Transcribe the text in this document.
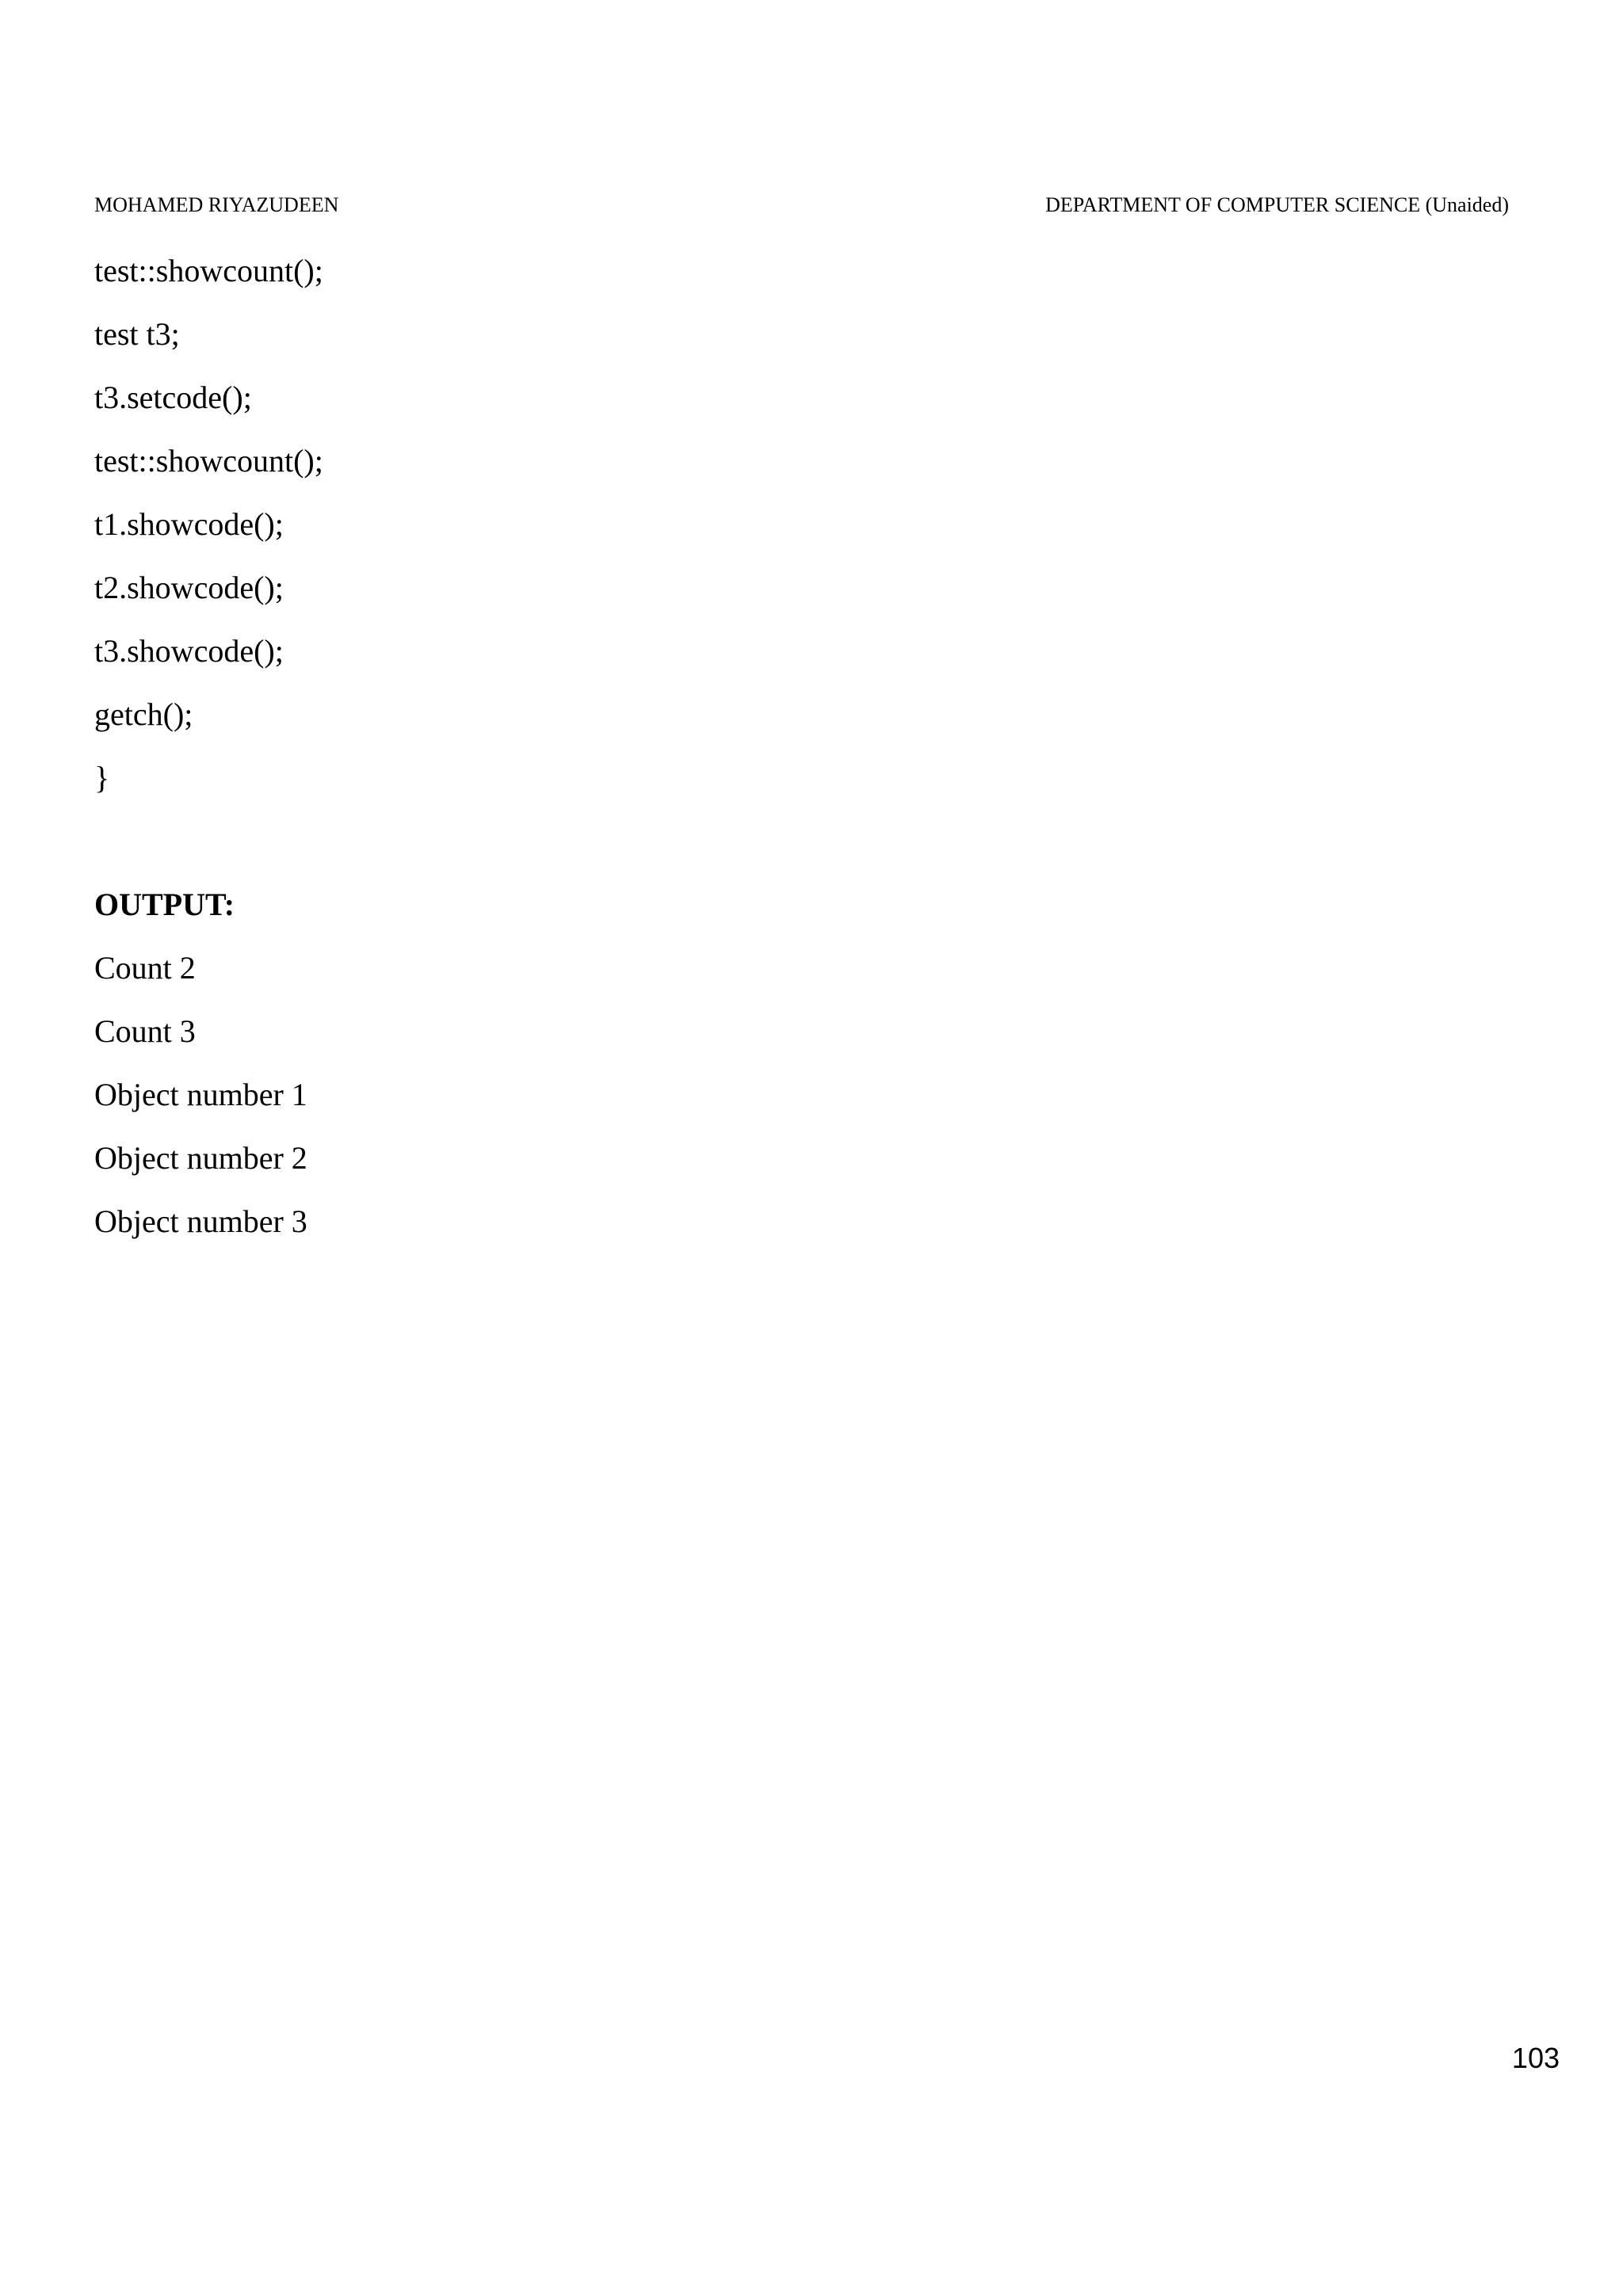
MOHAMED RIYAZUDEEN	DEPARTMENT OF COMPUTER SCIENCE (Unaided)
test::showcount();
test t3;
t3.setcode();
test::showcount();
t1.showcode();
t2.showcode();
t3.showcode();
getch();
}
OUTPUT:
Count 2
Count 3
Object number 1
Object number 2
Object number 3
103
